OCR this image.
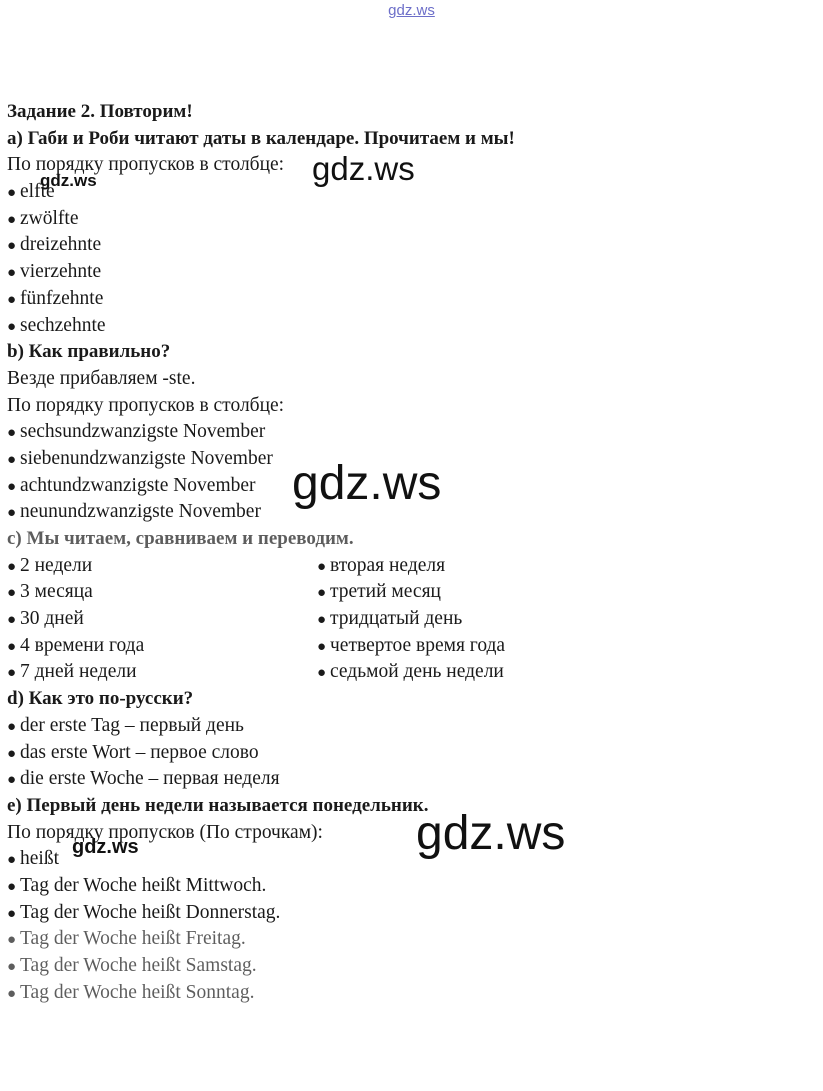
gdz.ws
Задание 2. Повторим!
a) Габи и Роби читают даты в календаре. Прочитаем и мы!
По порядку пропусков в столбце:
● elfte
● zwölfte
● dreizehnte
● vierzehnte
● fünfzehnte
● sechzehnte
b) Как правильно?
Везде прибавляем -ste.
По порядку пропусков в столбце:
● sechsundzwanzigste November
● siebenundzwanzigste November
● achtundzwanzigste November
● neunundzwanzigste November
c) Мы читаем, сравниваем и переводим.
● 2 недели	● вторая неделя
● 3 месяца	● третий месяц
● 30 дней	● тридцатый день
● 4 времени года	● четвертое время года
● 7 дней недели	● седьмой день недели
d) Как это по-русски?
● der erste Tag – первый день
● das erste Wort – первое слово
● die erste Woche – первая неделя
e) Первый день недели называется понедельник.
По порядку пропусков (По строчкам):
● heißt
● Tag der Woche heißt Mittwoch.
● Tag der Woche heißt Donnerstag.
● Tag der Woche heißt Freitag.
● Tag der Woche heißt Samstag.
● Tag der Woche heißt Sonntag.
gdz.ws
gdz.ws
gdz.ws
gdz.ws
gdz.ws
